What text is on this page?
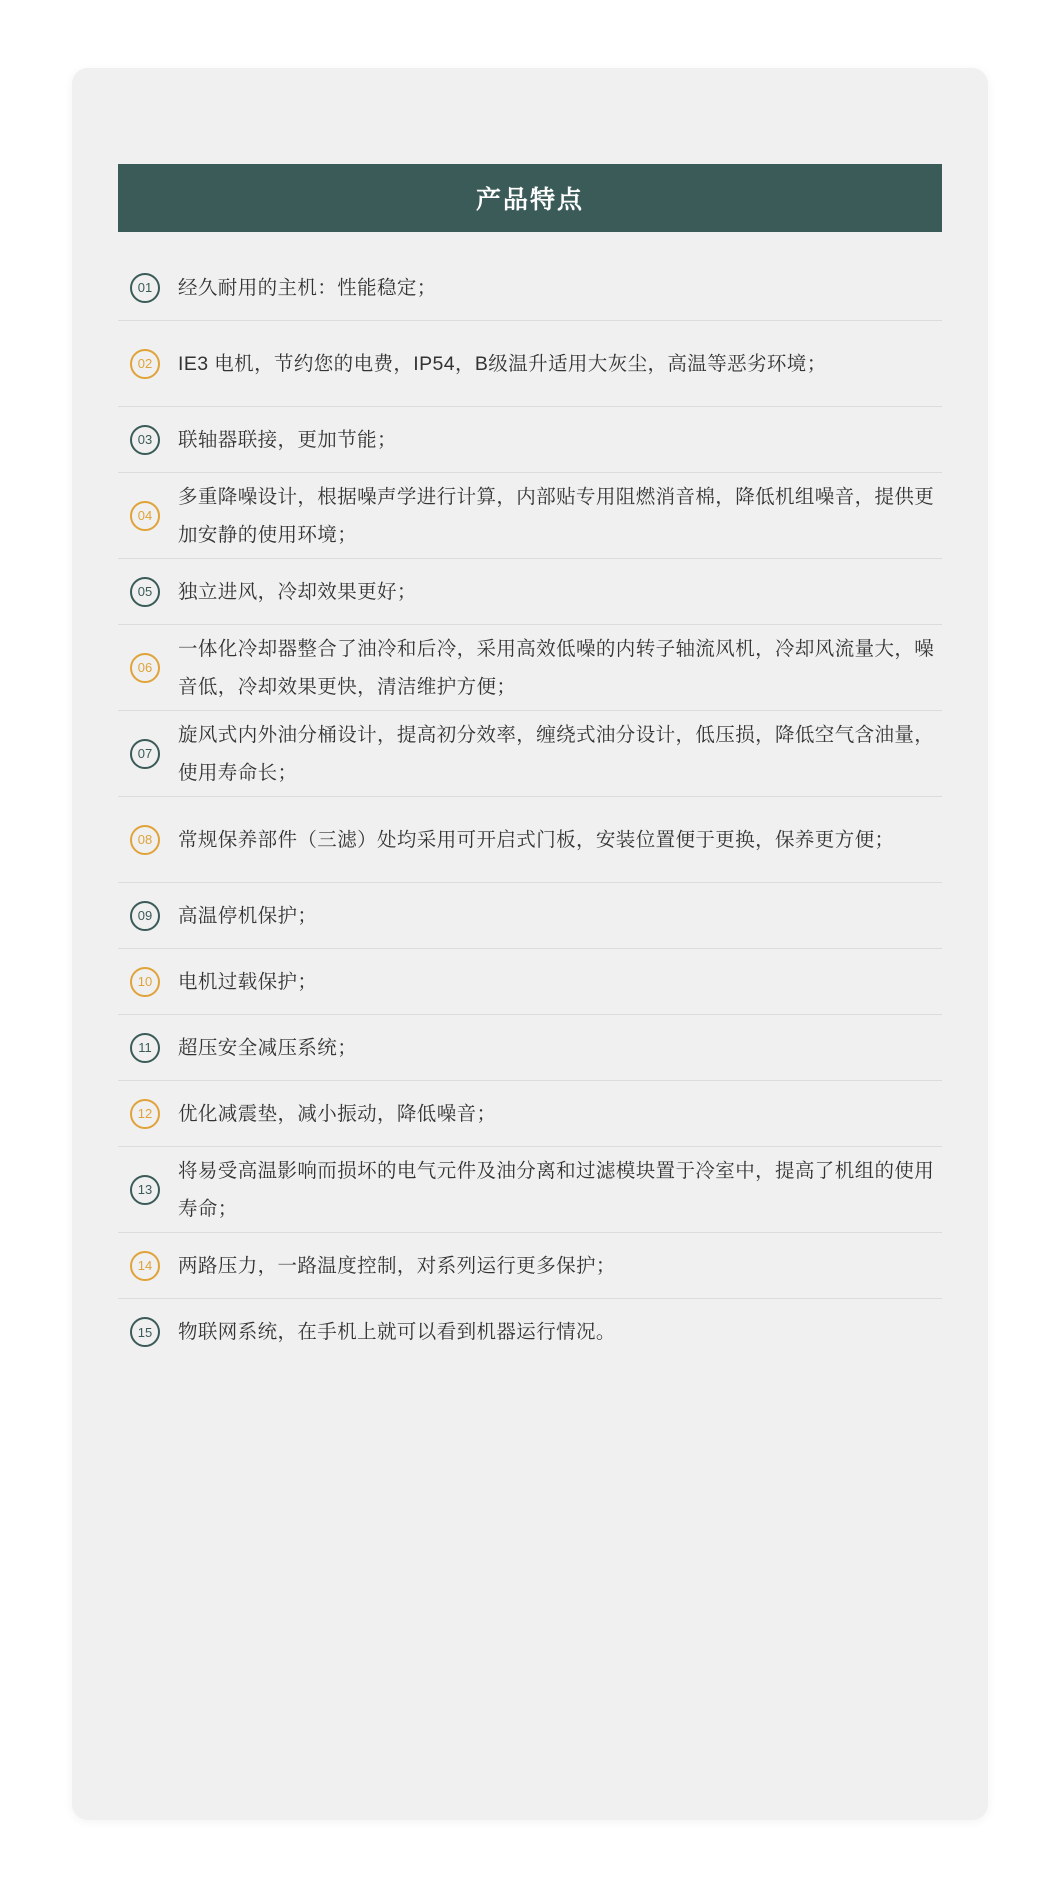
产品特点
01	经久耐用的主机：性能稳定；
02	IE3 电机，节约您的电费，IP54，B级温升适用大灰尘，高温等恶劣环境；
03	联轴器联接，更加节能；
04
多重降噪设计，根据噪声学进行计算，内部贴专用阻燃消音棉，降低机组噪音，提供更加安静的使用环境；
05	独立进风，冷却效果更好；
06
一体化冷却器整合了油冷和后冷，采用高效低噪的内转子轴流风机，冷却风流量大，噪音低，冷却效果更快，清洁维护方便；
07
旋风式内外油分桶设计，提高初分效率，缠绕式油分设计，低压损，降低空气含油量，使用寿命长；
08	常规保养部件（三滤）处均采用可开启式门板，安装位置便于更换，保养更方便；
09	高温停机保护；
10	电机过载保护；
11	超压安全减压系统；
12	优化减震垫，减小振动，降低噪音；
13
将易受高温影响而损坏的电气元件及油分离和过滤模块置于冷室中，提高了机组的使用寿命；
14	两路压力，一路温度控制，对系列运行更多保护；
15	物联网系统，在手机上就可以看到机器运行情况。
